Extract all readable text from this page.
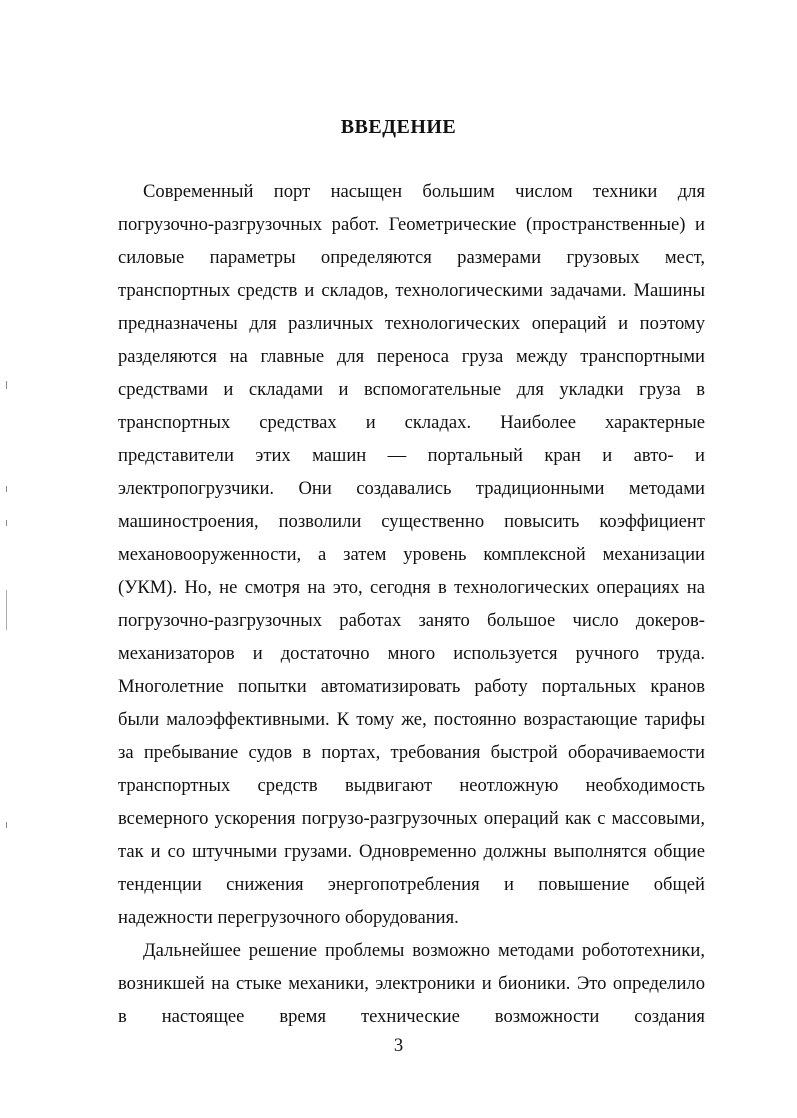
ВВЕДЕНИЕ
Современный порт насыщен большим числом техники для
погрузочно-разгрузочных работ. Геометрические (пространственные) и
силовые параметры определяются размерами грузовых мест,
транспортных средств и складов, технологическими задачами. Машины
предназначены для различных технологических операций и поэтому
разделяются на главные для переноса груза между транспортными
средствами и складами и вспомогательные для укладки груза в
транспортных средствах и складах. Наиболее характерные
представители этих машин — портальный кран и авто- и
электропогрузчики. Они создавались традиционными методами
машиностроения, позволили существенно повысить коэффициент
механовооруженности, а затем уровень комплексной механизации
(УКМ). Но, не смотря на это, сегодня в технологических операциях на
погрузочно-разгрузочных работах занято большое число докеров-
механизаторов и достаточно много используется ручного труда.
Многолетние попытки автоматизировать работу портальных кранов
были малоэффективными. К тому же, постоянно возрастающие тарифы
за пребывание судов в портах, требования быстрой оборачиваемости
транспортных средств выдвигают неотложную необходимость
всемерного ускорения погрузо-разгрузочных операций как с массовыми,
так и со штучными грузами. Одновременно должны выполнятся общие
тенденции снижения энергопотребления и повышение общей
надежности перегрузочного оборудования.
Дальнейшее решение проблемы возможно методами робототехники,
возникшей на стыке механики, электроники и бионики. Это определило
в настоящее время технические возможности создания
3
